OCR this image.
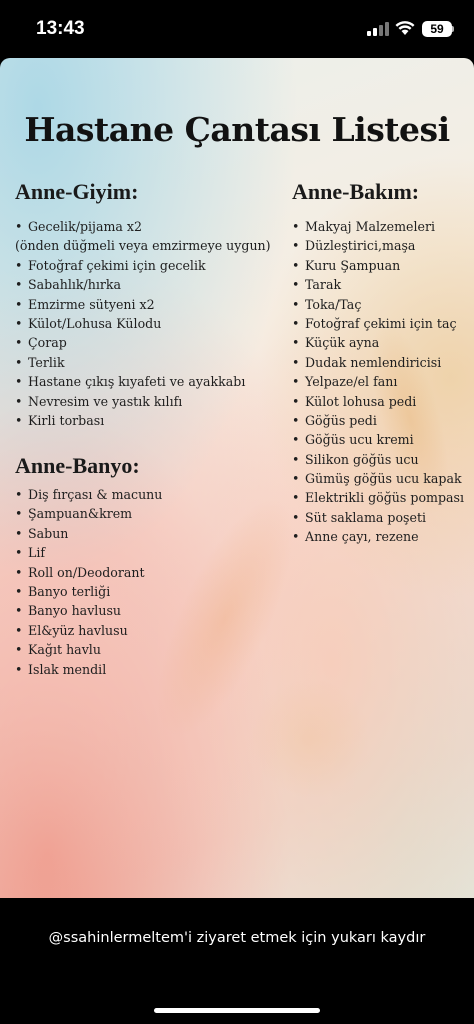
13:43	59
Hastane Çantası Listesi
Anne-Giyim:
• Gecelik/pijama x2
(önden düğmeli veya emzirmeye uygun)
• Fotoğraf çekimi için gecelik
• Sabahlık/hırka
• Emzirme sütyeni x2
• Külot/Lohusa Külodu
• Çorap
• Terlik
• Hastane çıkış kıyafeti ve ayakkabı
• Nevresim ve yastık kılıfı
• Kirli torbası
Anne-Banyo:
• Diş fırçası & macunu
• Şampuan&krem
• Sabun
• Lif
• Roll on/Deodorant
• Banyo terliği
• Banyo havlusu
• El&yüz havlusu
• Kağıt havlu
• Islak mendil
Anne-Bakım:
• Makyaj Malzemeleri
• Düzleştirici,maşa
• Kuru Şampuan
• Tarak
• Toka/Taç
• Fotoğraf çekimi için taç
• Küçük ayna
• Dudak nemlendiricisi
• Yelpaze/el fanı
• Külot lohusa pedi
• Göğüs pedi
• Göğüs ucu kremi
• Silikon göğüs ucu
• Gümüş göğüs ucu kapak
• Elektrikli göğüs pompası
• Süt saklama poşeti
• Anne çayı, rezene
@ssahinlermeltem'i ziyaret etmek için yukarı kaydır
